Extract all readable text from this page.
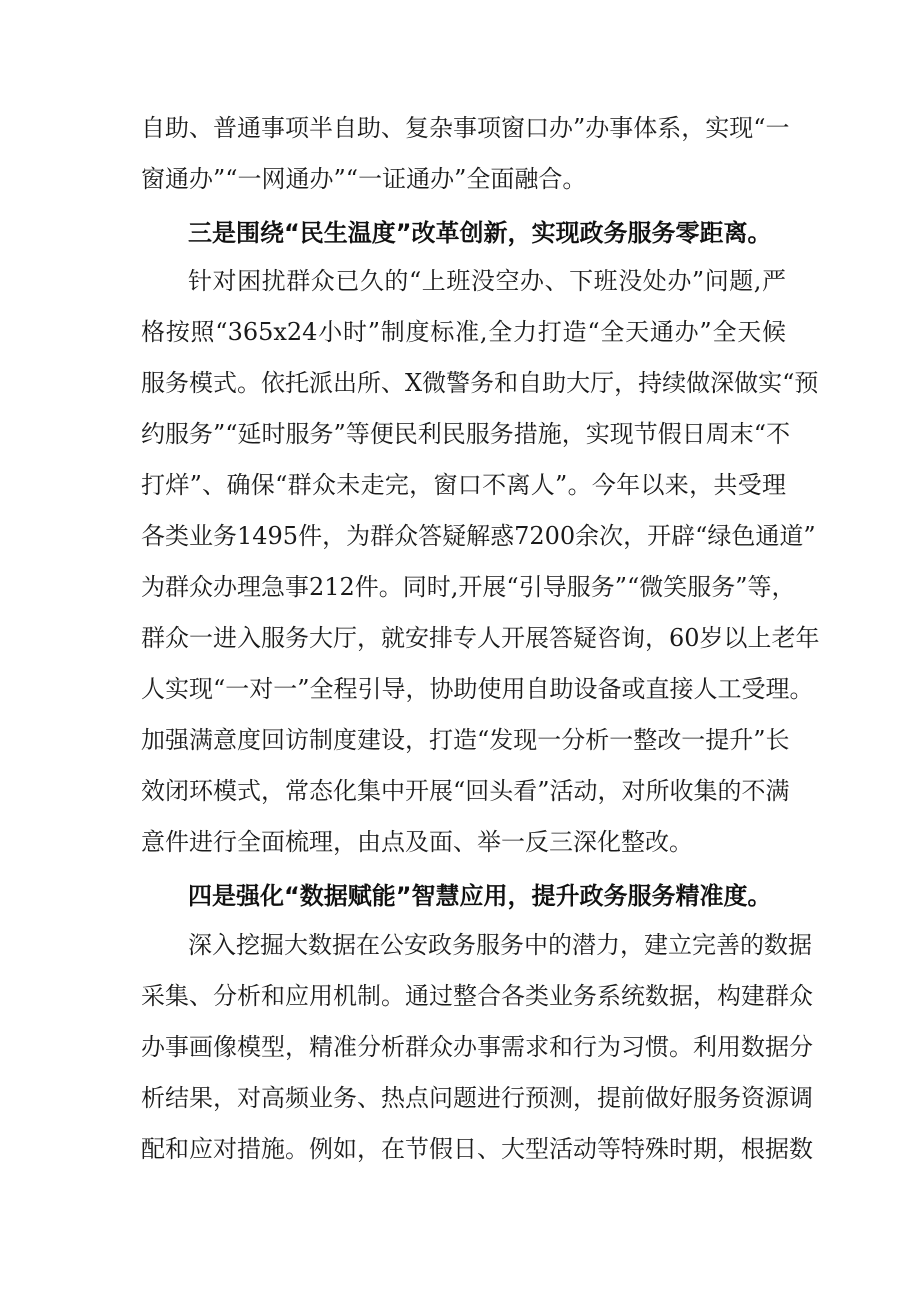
自助、普通事项半自助、复杂事项窗口办”办事体系，实现“一
窗通办”“一网通办”“一证通办”全面融合。
三是围绕“民生温度”改革创新，实现政务服务零距离。
针对困扰群众已久的“上班没空办、下班没处办”问题,严
格按照“365x24小时”制度标准,全力打造“全天通办”全天候
服务模式。依托派出所、X微警务和自助大厅，持续做深做实“预
约服务”“延时服务”等便民利民服务措施，实现节假日周末“不
打烊”、确保“群众未走完，窗口不离人”。今年以来，共受理
各类业务1495件，为群众答疑解惑7200余次，开辟“绿色通道”
为群众办理急事212件。同时,开展“引导服务”“微笑服务”等，
群众一进入服务大厅，就安排专人开展答疑咨询，60岁以上老年
人实现“一对一”全程引导，协助使用自助设备或直接人工受理。
加强满意度回访制度建设，打造“发现一分析一整改一提升”长
效闭环模式，常态化集中开展“回头看”活动，对所收集的不满
意件进行全面梳理，由点及面、举一反三深化整改。
四是强化“数据赋能”智慧应用，提升政务服务精准度。
深入挖掘大数据在公安政务服务中的潜力，建立完善的数据
采集、分析和应用机制。通过整合各类业务系统数据，构建群众
办事画像模型，精准分析群众办事需求和行为习惯。利用数据分
析结果，对高频业务、热点问题进行预测，提前做好服务资源调
配和应对措施。例如，在节假日、大型活动等特殊时期，根据数
